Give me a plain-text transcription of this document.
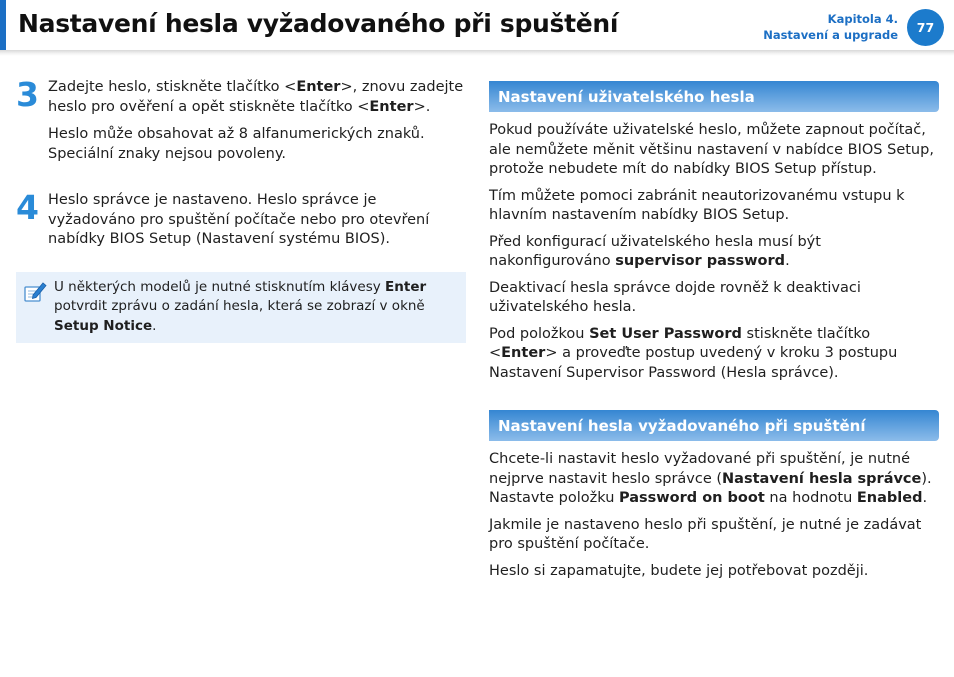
Nastavení hesla vyžadovaného při spuštění	Kapitola 4.
Nastavení a upgrade	77
3 Zadejte heslo, stiskněte tlačítko <Enter>, znovu zadejte heslo pro ověření a opět stiskněte tlačítko <Enter>.

Heslo může obsahovat až 8 alfanumerických znaků. Speciální znaky nejsou povoleny.

4 Heslo správce je nastaveno. Heslo správce je vyžadováno pro spuštění počítače nebo pro otevření nabídky BIOS Setup (Nastavení systému BIOS).

U některých modelů je nutné stisknutím klávesy Enter potvrdit zprávu o zadání hesla, která se zobrazí v okně Setup Notice.
Nastavení uživatelského hesla

Pokud používáte uživatelské heslo, můžete zapnout počítač, ale nemůžete měnit většinu nastavení v nabídce BIOS Setup, protože nebudete mít do nabídky BIOS Setup přístup.

Tím můžete pomoci zabránit neautorizovanému vstupu k hlavním nastavením nabídky BIOS Setup.

Před konfigurací uživatelského hesla musí být nakonfigurováno supervisor password.

Deaktivací hesla správce dojde rovněž k deaktivaci uživatelského hesla.

Pod položkou Set User Password stiskněte tlačítko <Enter> a proveďte postup uvedený v kroku 3 postupu Nastavení Supervisor Password (Hesla správce).

Nastavení hesla vyžadovaného při spuštění

Chcete-li nastavit heslo vyžadované při spuštění, je nutné nejprve nastavit heslo správce (Nastavení hesla správce). Nastavte položku Password on boot na hodnotu Enabled.

Jakmile je nastaveno heslo při spuštění, je nutné je zadávat pro spuštění počítače.

Heslo si zapamatujte, budete jej potřebovat později.
